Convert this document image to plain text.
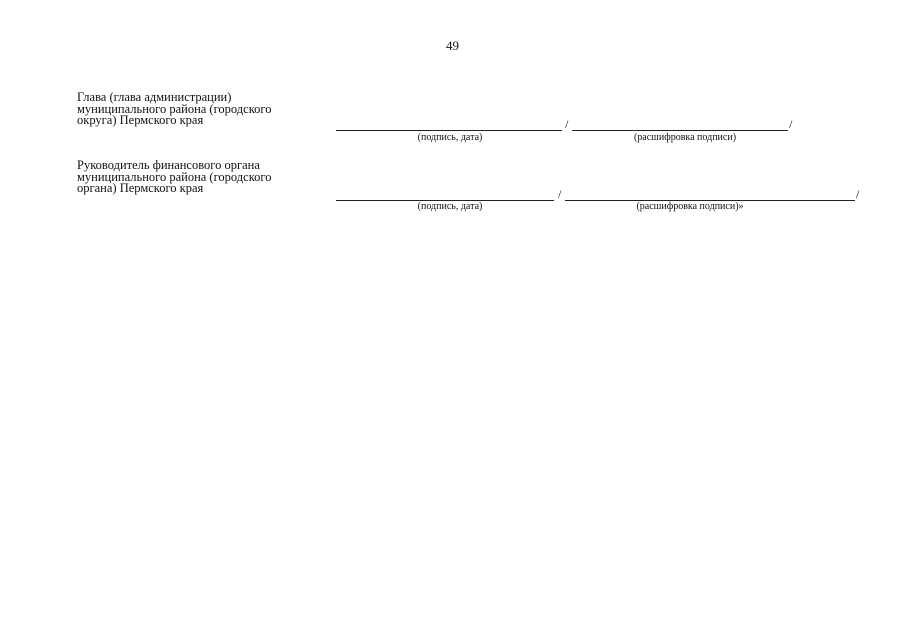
49
Глава (глава администрации)
муниципального района (городского
округа) Пермского края	/	/
(подпись, дата)	(расшифровка подписи)
Руководитель финансового органа
муниципального района (городского
органа) Пермского края	/	/
(подпись, дата)	(расшифровка подписи)»
